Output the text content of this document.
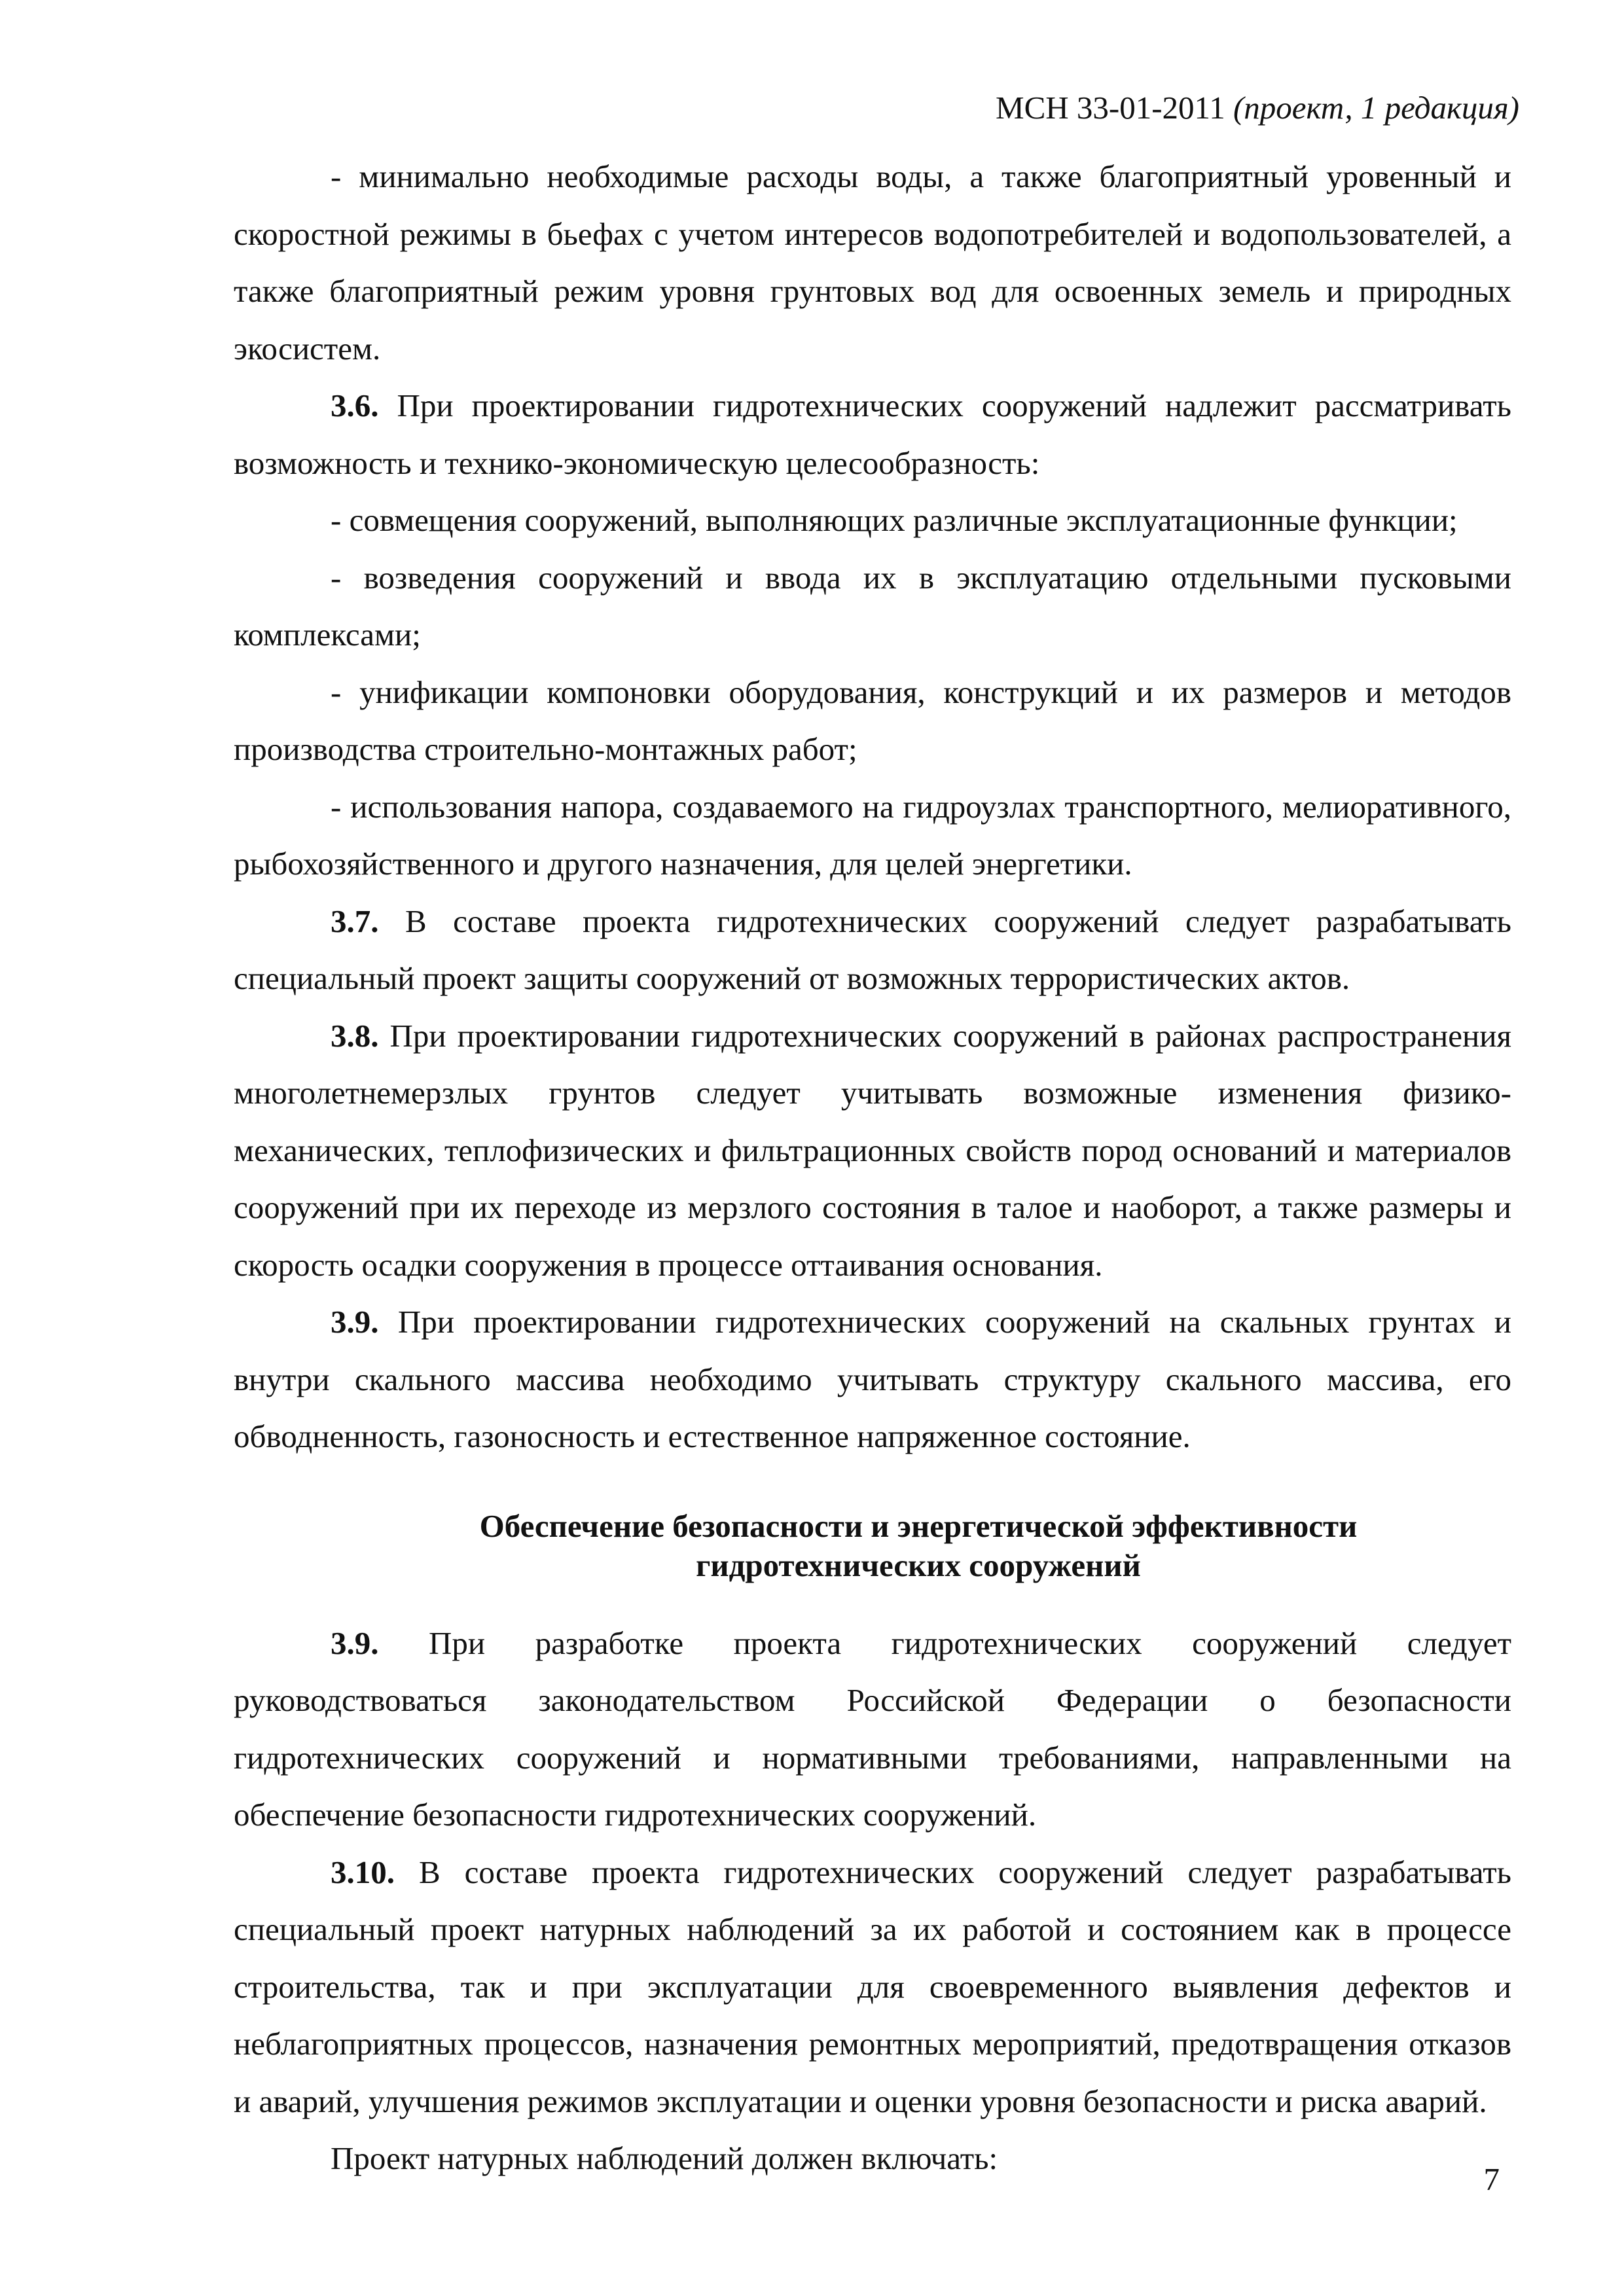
МСН 33-01-2011 (проект, 1 редакция)

- минимально необходимые расходы воды, а также благоприятный уровенный и скоростной режимы в бьефах с учетом интересов водопотребителей и водопользователей, а также благоприятный режим уровня грунтовых вод для освоенных земель и природных экосистем.

3.6. При проектировании гидротехнических сооружений надлежит рассматривать возможность и технико-экономическую целесообразность:

- совмещения сооружений, выполняющих различные эксплуатационные функции;

- возведения сооружений и ввода их в эксплуатацию отдельными пусковыми комплексами;

- унификации компоновки оборудования, конструкций и их размеров и методов производства строительно-монтажных работ;

- использования напора, создаваемого на гидроузлах транспортного, мелиоративного, рыбохозяйственного и другого назначения, для целей энергетики.

3.7. В составе проекта гидротехнических сооружений следует разрабатывать специальный проект защиты сооружений от возможных террористических актов.

3.8. При проектировании гидротехнических сооружений в районах распространения многолетнемерзлых грунтов следует учитывать возможные изменения физико-механических, теплофизических и фильтрационных свойств пород оснований и материалов сооружений при их переходе из мерзлого состояния в талое и наоборот, а также размеры и скорость осадки сооружения в процессе оттаивания основания.

3.9. При проектировании гидротехнических сооружений на скальных грунтах и внутри скального массива необходимо учитывать структуру скального массива, его обводненность, газоносность и естественное напряженное состояние.

Обеспечение безопасности и энергетической эффективности
гидротехнических сооружений

3.9. При разработке проекта гидротехнических сооружений следует руководствоваться законодательством Российской Федерации о безопасности гидротехнических сооружений и нормативными требованиями, направленными на обеспечение безопасности гидротехнических сооружений.

3.10. В составе проекта гидротехнических сооружений следует разрабатывать специальный проект натурных наблюдений за их работой и состоянием как в процессе строительства, так и при эксплуатации для своевременного выявления дефектов и неблагоприятных процессов, назначения ремонтных мероприятий, предотвращения отказов и аварий, улучшения режимов эксплуатации и оценки уровня безопасности и риска аварий.

Проект натурных наблюдений должен включать:

7
